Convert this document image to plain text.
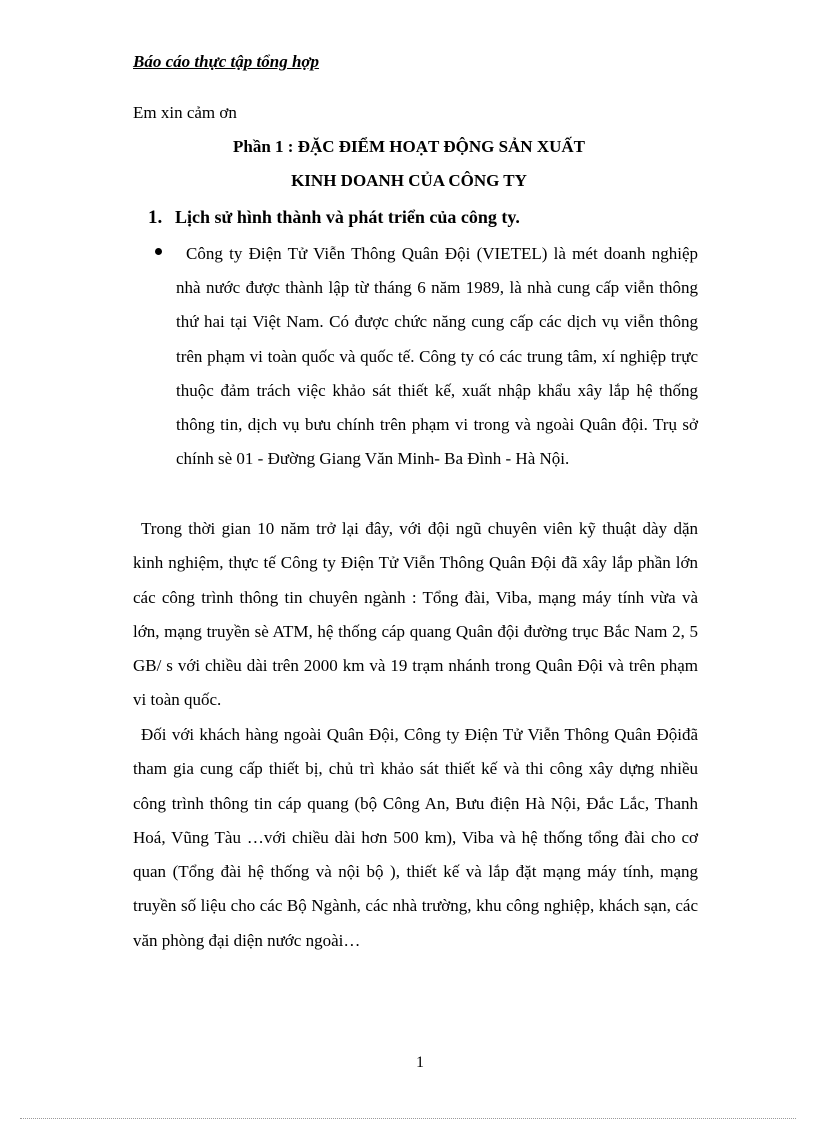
Báo cáo thực tập tổng hợp
Em xin cảm ơn
Phần 1 : ĐẶC ĐIỂM HOẠT ĐỘNG SẢN XUẤT
KINH DOANH CỦA CÔNG TY
1. Lịch sử hình thành và phát triển của công ty.
Công ty Điện Tử Viễn Thông Quân Đội (VIETEL) là mét doanh nghiệp nhà nước được thành lập từ tháng 6 năm 1989, là nhà cung cấp viễn thông thứ hai tại Việt Nam. Có được chức năng cung cấp các dịch vụ viễn thông trên phạm vi toàn quốc và quốc tế. Công ty có các trung tâm, xí nghiệp trực thuộc đảm trách việc khảo sát thiết kế, xuất nhập khẩu xây lắp hệ thống thông tin, dịch vụ bưu chính trên phạm vi trong và ngoài Quân đội. Trụ sở chính sè 01 - Đường Giang Văn Minh- Ba Đình - Hà Nội.
Trong thời gian 10 năm trở lại đây, với đội ngũ chuyên viên kỹ thuật dày dặn kinh nghiệm, thực tế Công ty Điện Tử Viễn Thông Quân Đội đã xây lắp phần lớn các công trình thông tin chuyên ngành : Tổng đài, Viba, mạng máy tính vừa và lớn, mạng truyền sè ATM, hệ thống cáp quang Quân đội đường trục Bắc Nam 2, 5 GB/ s với chiều dài trên 2000 km và 19 trạm nhánh trong Quân Đội và trên phạm vi toàn quốc.
Đối với khách hàng ngoài Quân Đội, Công ty Điện Tử Viễn Thông Quân Độiđã tham gia cung cấp thiết bị, chủ trì khảo sát thiết kế và thi công xây dựng nhiều công trình thông tin cáp quang (bộ Công An, Bưu điện Hà Nội, Đắc Lắc, Thanh Hoá, Vũng Tàu …với chiều dài hơn 500 km), Viba và hệ thống tổng đài cho cơ quan (Tổng đài hệ thống và nội bộ ), thiết kế và lắp đặt mạng máy tính, mạng truyền số liệu cho các Bộ Ngành, các nhà trường, khu công nghiệp, khách sạn, các văn phòng đại diện nước ngoài…
1
